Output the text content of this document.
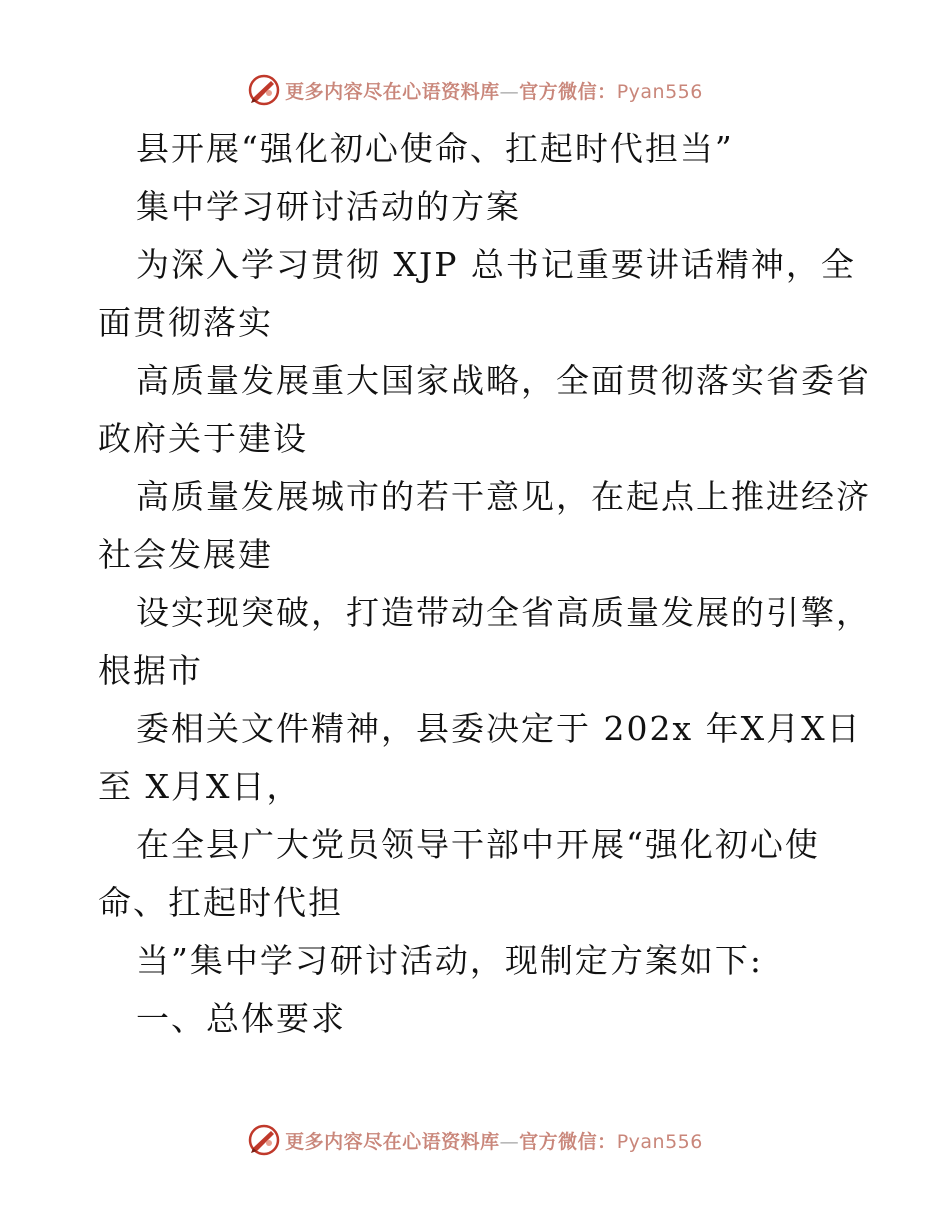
更多内容尽在心语资料库—官方微信：Pyan556
县开展“强化初心使命、扛起时代担当”
集中学习研讨活动的方案
为深入学习贯彻 XJP 总书记重要讲话精神，全
面贯彻落实
高质量发展重大国家战略，全面贯彻落实省委省
政府关于建设
高质量发展城市的若干意见，在起点上推进经济
社会发展建
设实现突破，打造带动全省高质量发展的引擎，
根据市
委相关文件精神，县委决定于 202x 年X月X日
至 X月X日，
在全县广大党员领导干部中开展“强化初心使
命、扛起时代担
当”集中学习研讨活动，现制定方案如下:
一、总体要求
更多内容尽在心语资料库—官方微信：Pyan556
